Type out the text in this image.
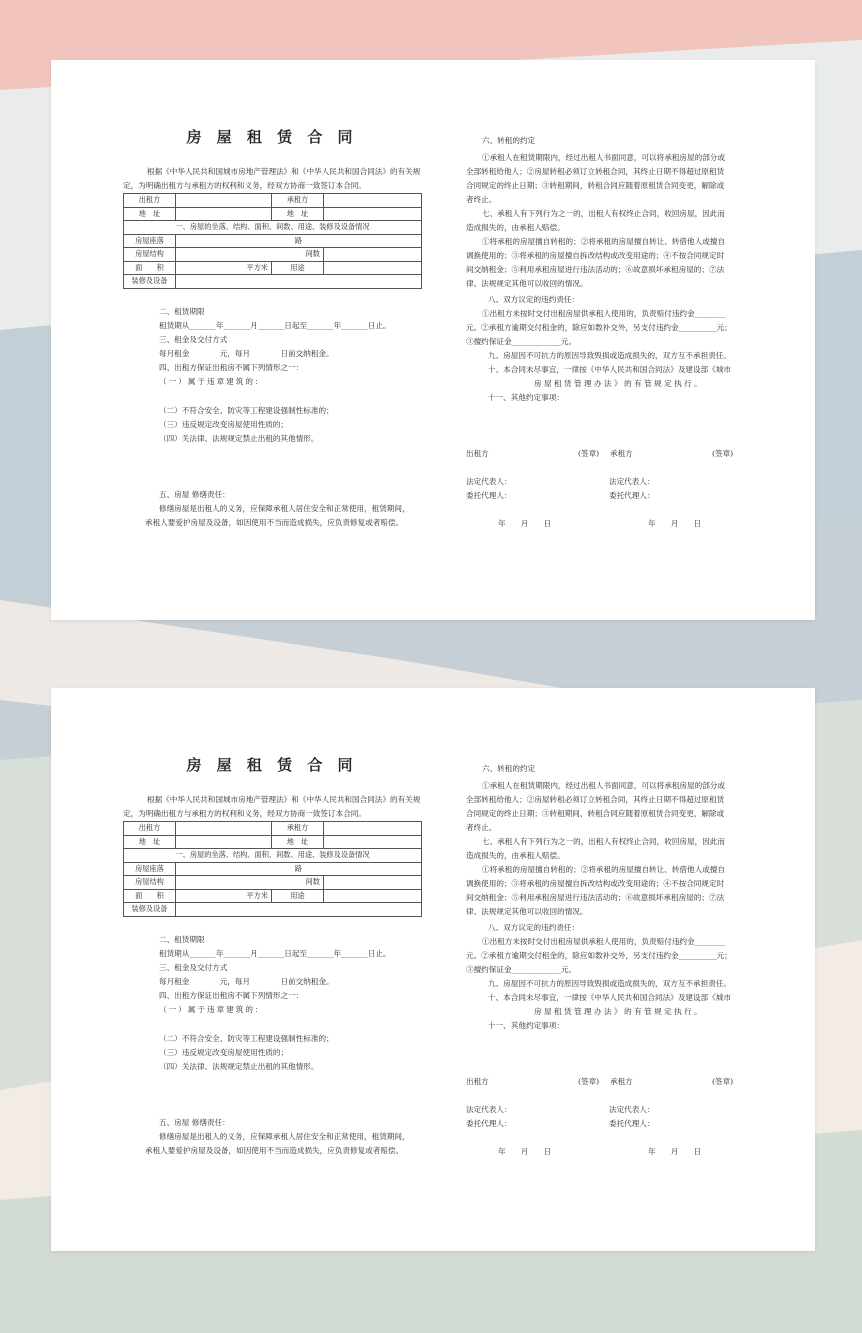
房 屋 租 赁 合 同
根据《中华人民共和国城市房地产管理法》和《中华人民共和国合同法》的有关规定，为明确出租方与承租方的权利和义务，经双方协商一致签订本合同。
出租方		承租方	
地　址		地　址	
一、房屋的坐落、结构、面积、间数、用途、装修及设备情况			
房屋座落	路		
房屋结构	间数		
面　　积	平方米	用途	
装修及设备			
二、租赁期限
租赁期从_______年_______月_______日起至_______年_______日止。
三、租金及交付方式
每月租金　　　　元，每月　　　　日前交纳租金。
四、出租方保证出租房不属下列情形之一：
（一）属于违章建筑的：
（二）不符合安全、防灾等工程建设强制性标准的；
（三）违反规定改变房屋使用性质的；
（四）关法律、法规规定禁止出租的其他情形。
五、房屋 修缮责任：
修缮房屋是出租人的义务，应保障承租人居住安全和正常使用，租赁期间，
承租人要爱护房屋及设备，如因使用不当而造成损失，应负责修复或者赔偿。
六、转租的约定
①承租人在租赁期限内，经过出租人书面同意，可以将承租房屋的部分或
全部转租给他人；②房屋转租必须订立转租合同，其终止日期不得超过原租赁
合同规定的终止日期；③转租期间，转租合同应随着原租赁合同变更，解除或
者终止。
七、承租人有下列行为之一的，出租人有权终止合同，收回房屋，因此而
造成损失的，由承租人赔偿。
①将承租的房屋擅自转租的；②将承租的房屋擅自转让、转借他人或擅自
调换使用的；③将承租的房屋擅自拆改结构或改变用途的；④不按合同规定时
间交纳租金；⑤利用承租房屋进行违法活动的；⑥故意损坏承租房屋的；⑦法
律、法规规定其他可以收回的情况。
八、双方议定的违约责任：
①出租方未按时交付出租房屋供承租人使用的，负责赔付违约金________
元。②承租方逾期交付租金的，除应如数补交外，另支付违约金__________元；
③擅约保证金_____________元。
九、房屋因不可抗力的原因导致毁损或造成损失的，双方互不承担责任。
十、本合同未尽事宜，一律按《中华人民共和国合同法》及建设部《城市
房 屋 租 赁 管 理 办 法 》 的 有 管 规 定 执 行 。
十一、其他约定事项：
出租方	(签章)	承租方	(签章)
法定代表人：	法定代表人：
委托代理人：	委托代理人：
年　　月　　日	年　　月　　日
房 屋 租 赁 合 同
根据《中华人民共和国城市房地产管理法》和《中华人民共和国合同法》的有关规定，为明确出租方与承租方的权利和义务，经双方协商一致签订本合同。
出租方		承租方	
地　址		地　址	
一、房屋的坐落、结构、面积、间数、用途、装修及设备情况			
房屋座落	路		
房屋结构	间数		
面　　积	平方米	用途	
装修及设备			
二、租赁期限
租赁期从_______年_______月_______日起至_______年_______日止。
三、租金及交付方式
每月租金　　　　元，每月　　　　日前交纳租金。
四、出租方保证出租房不属下列情形之一：
（一）属于违章建筑的：
（二）不符合安全、防灾等工程建设强制性标准的；
（三）违反规定改变房屋使用性质的；
（四）关法律、法规规定禁止出租的其他情形。
五、房屋 修缮责任：
修缮房屋是出租人的义务，应保障承租人居住安全和正常使用，租赁期间，
承租人要爱护房屋及设备，如因使用不当而造成损失，应负责修复或者赔偿。
六、转租的约定
①承租人在租赁期限内，经过出租人书面同意，可以将承租房屋的部分或
全部转租给他人；②房屋转租必须订立转租合同，其终止日期不得超过原租赁
合同规定的终止日期；③转租期间，转租合同应随着原租赁合同变更，解除或
者终止。
七、承租人有下列行为之一的，出租人有权终止合同，收回房屋，因此而
造成损失的，由承租人赔偿。
①将承租的房屋擅自转租的；②将承租的房屋擅自转让、转借他人或擅自
调换使用的；③将承租的房屋擅自拆改结构或改变用途的；④不按合同规定时
间交纳租金；⑤利用承租房屋进行违法活动的；⑥故意损坏承租房屋的；⑦法
律、法规规定其他可以收回的情况。
八、双方议定的违约责任：
①出租方未按时交付出租房屋供承租人使用的，负责赔付违约金________
元。②承租方逾期交付租金的，除应如数补交外，另支付违约金__________元；
③擅约保证金_____________元。
九、房屋因不可抗力的原因导致毁损或造成损失的，双方互不承担责任。
十、本合同未尽事宜，一律按《中华人民共和国合同法》及建设部《城市
房 屋 租 赁 管 理 办 法 》 的 有 管 规 定 执 行 。
十一、其他约定事项：
出租方	(签章)	承租方	(签章)
法定代表人：	法定代表人：
委托代理人：	委托代理人：
年　　月　　日	年　　月　　日
